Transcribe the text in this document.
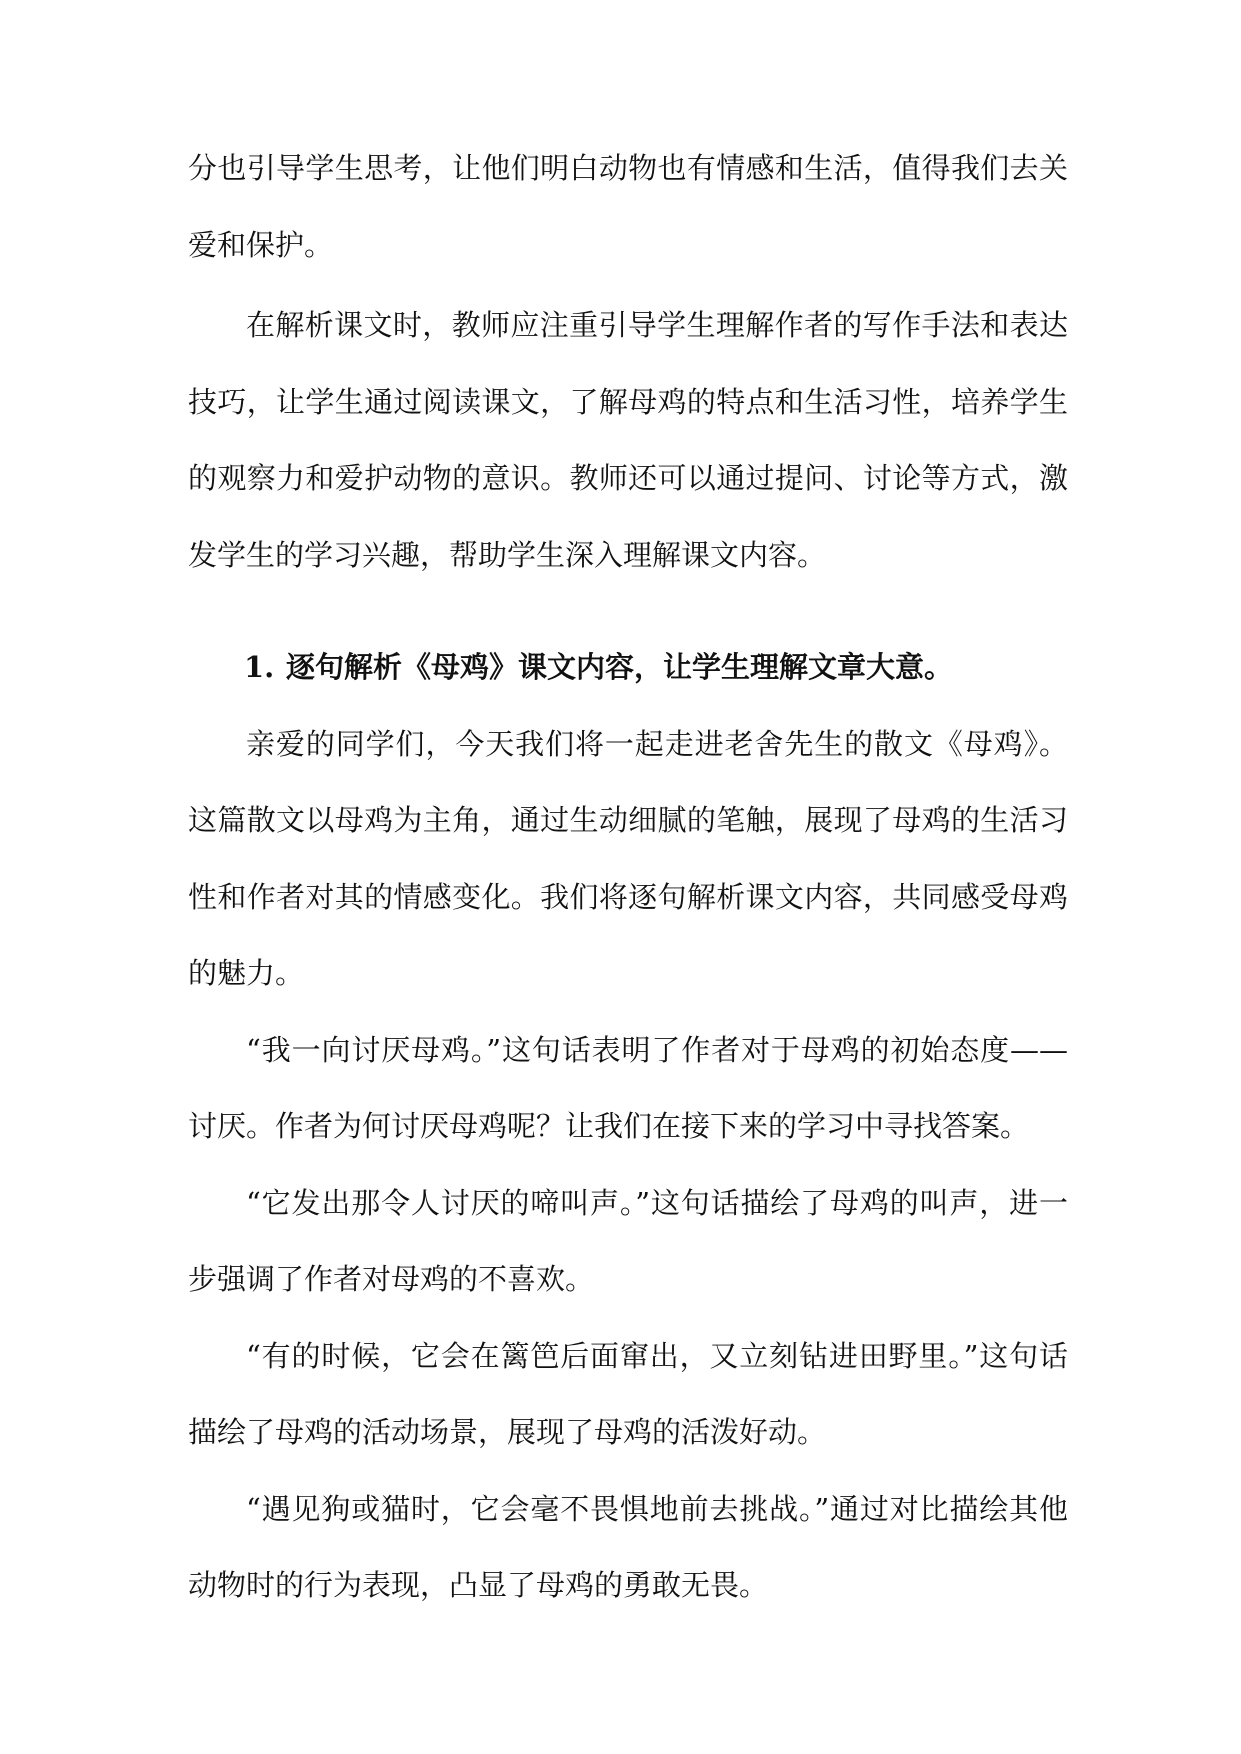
分也引导学生思考，让他们明白动物也有情感和生活，值得我们去关爱和保护。

在解析课文时，教师应注重引导学生理解作者的写作手法和表达技巧，让学生通过阅读课文，了解母鸡的特点和生活习性，培养学生的观察力和爱护动物的意识。教师还可以通过提问、讨论等方式，激发学生的学习兴趣，帮助学生深入理解课文内容。

1. 逐句解析《母鸡》课文内容，让学生理解文章大意。

亲爱的同学们，今天我们将一起走进老舍先生的散文《母鸡》。这篇散文以母鸡为主角，通过生动细腻的笔触，展现了母鸡的生活习性和作者对其的情感变化。我们将逐句解析课文内容，共同感受母鸡的魅力。

“我一向讨厌母鸡。”这句话表明了作者对于母鸡的初始态度——讨厌。作者为何讨厌母鸡呢？让我们在接下来的学习中寻找答案。

“它发出那令人讨厌的啼叫声。”这句话描绘了母鸡的叫声，进一步强调了作者对母鸡的不喜欢。

“有的时候，它会在篱笆后面窜出，又立刻钻进田野里。”这句话描绘了母鸡的活动场景，展现了母鸡的活泼好动。

“遇见狗或猫时，它会毫不畏惧地前去挑战。”通过对比描绘其他动物时的行为表现，凸显了母鸡的勇敢无畏。
